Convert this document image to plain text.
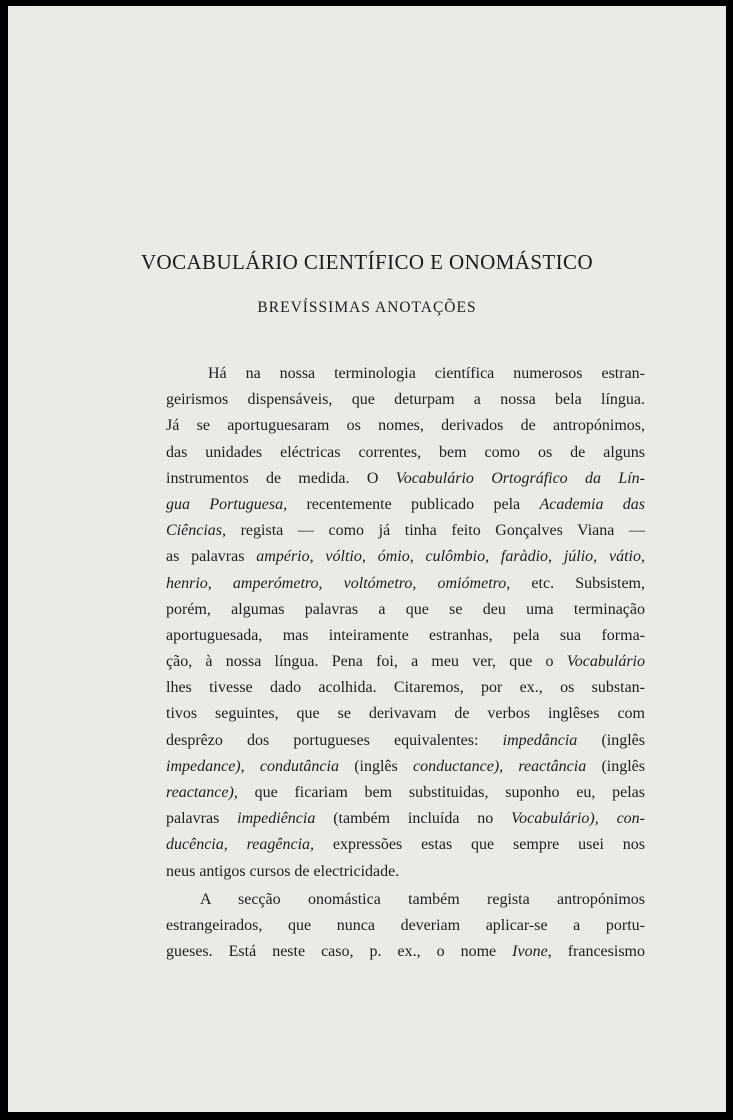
VOCABULÁRIO CIENTÍFICO E ONOMÁSTICO
BREVÍSSIMAS ANOTAÇÕES
Há na nossa terminologia científica numerosos estran-
geirismos dispensáveis, que deturpam a nossa bela língua.
Já se aportuguesaram os nomes, derivados de antropónimos,
das unidades eléctricas correntes, bem como os de alguns
instrumentos de medida. O Vocabulário Ortográfico da Lín-
gua Portuguesa, recentemente publicado pela Academia das
Ciências, regista — como já tinha feito Gonçalves Viana —
as palavras ampério, vóltio, ómio, culômbio, faràdio, júlio, vátio,
henrio, amperómetro, voltómetro, omiómetro, etc. Subsistem,
porém, algumas palavras a que se deu uma terminação
aportuguesada, mas inteiramente estranhas, pela sua forma-
ção, à nossa língua. Pena foi, a meu ver, que o Vocabulário
lhes tivesse dado acolhida. Citaremos, por ex., os substan-
tivos seguintes, que se derivavam de verbos inglêses com
desprêzo dos portugueses equivalentes: impedância (inglês
impedance), condutância (inglês conductance), reactância (inglês
reactance), que ficariam bem substituidas, suponho eu, pelas
palavras impediência (também incluída no Vocabulário), con-
ducência, reagência, expressões estas que sempre usei nos
neus antigos cursos de electricidade.
A secção onomástica também regista antropónimos
estrangeirados, que nunca deveriam aplicar-se a portu-
gueses. Está neste caso, p. ex., o nome Ivone, francesismo
